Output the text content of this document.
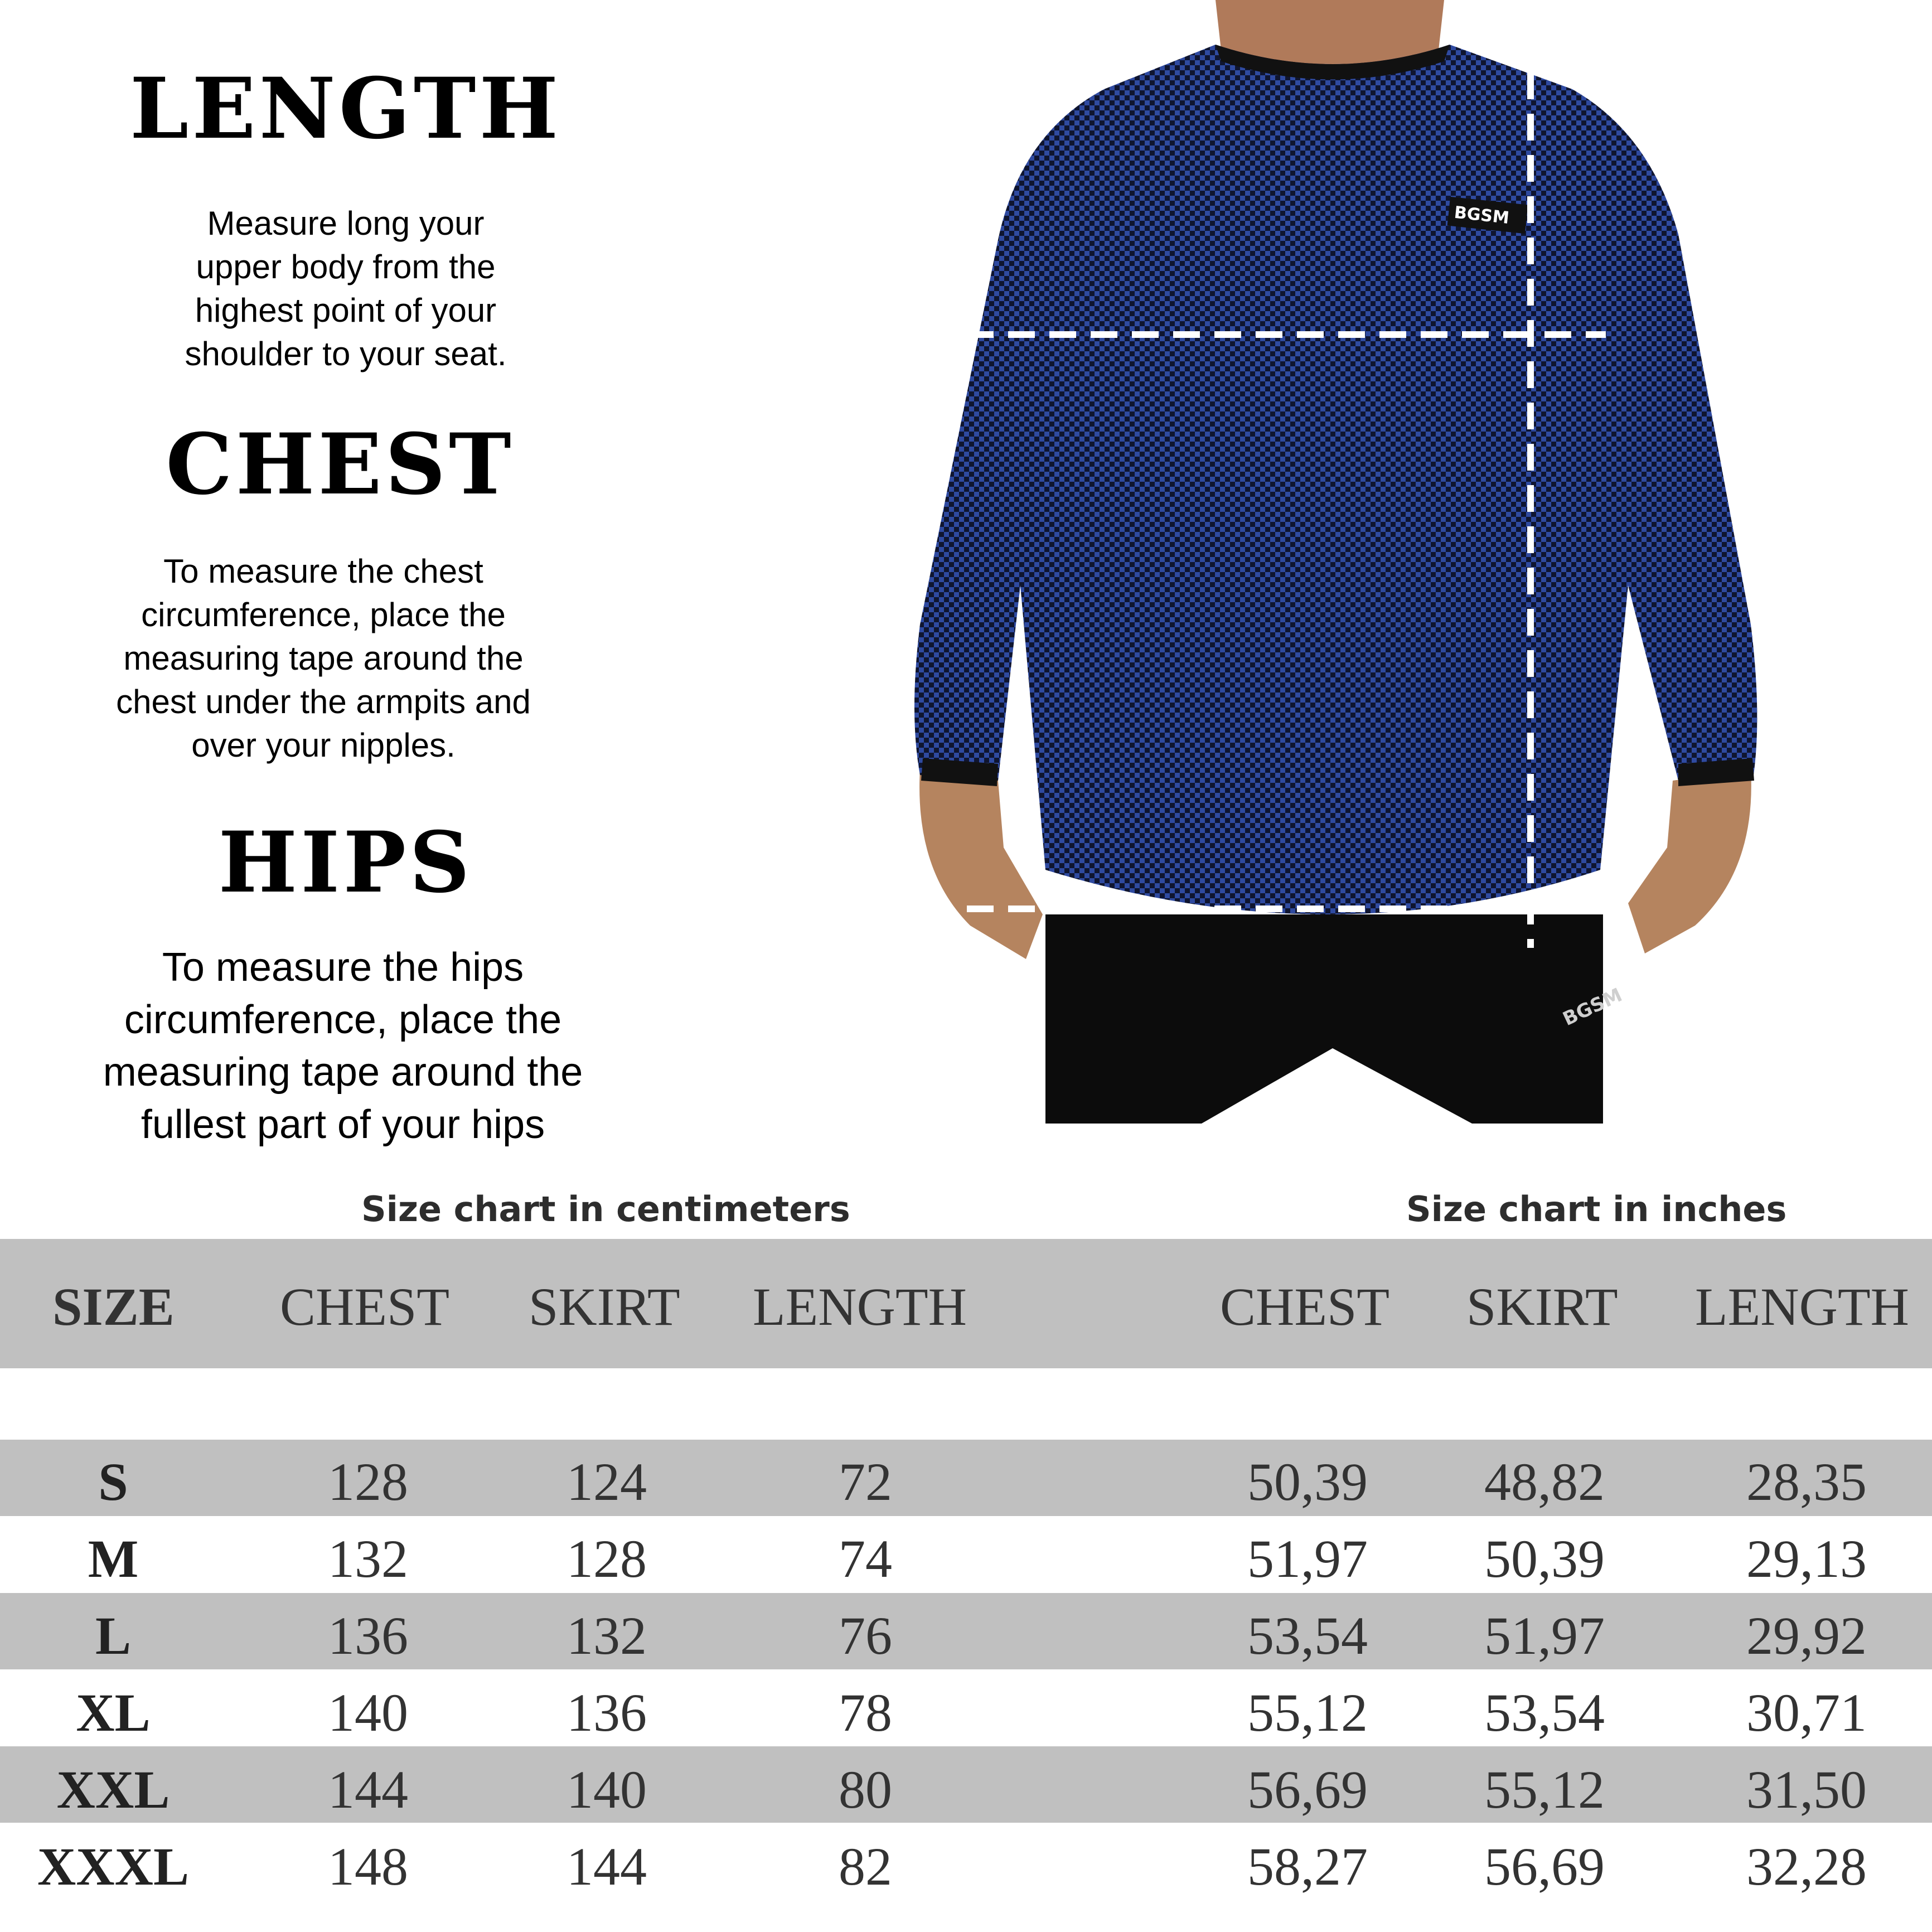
LENGTH
Measure long your
upper body from the
highest point of your
shoulder to your seat.
CHEST
To measure the chest
circumference, place the
measuring tape around the
chest under the armpits and
over your nipples.
HIPS
To measure the hips
circumference, place the
measuring tape around the
fullest part of your hips
BGSM
BGSM
Size chart in centimeters	Size chart in inches
SIZE CHEST SKIRT LENGTH	CHEST SKIRT LENGTH
S	128	124	72	50,39	48,82	28,35
M	132	128	74	51,97	50,39	29,13
L	136	132	76	53,54	51,97	29,92
XL	140	136	78	55,12	53,54	30,71
XXL	144	140	80	56,69	55,12	31,50
XXXL	148	144	82	58,27	56,69	32,28
